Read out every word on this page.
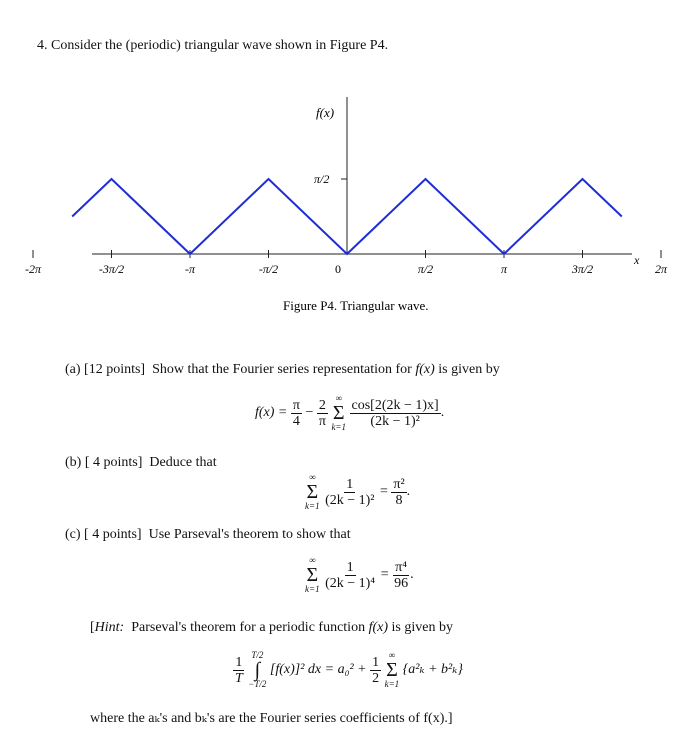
4. Consider the (periodic) triangular wave shown in Figure P4.
-2π	-3π/2	-π	-π/2	π/2	π	3π/2	2π
f(x)
π/2
0
x
Figure P4. Triangular wave.
(a) [12 points] Show that the Fourier series representation for f(x) is given by
$f(x) = \frac{\pi}{4} - \frac{2}{\pi}$
∞
Σ
k=1
$\frac{\cos[2(2k - 1)x]}{\text{(2k − 1)²}}$ .
(b) [ 4 points] Deduce that
∞
Σ
k=1
$\frac{1}{\text{(2k − 1)²}} = \frac{\text{π²}}{8}$ .
(c) [ 4 points] Use Parseval's theorem to show that
∞
Σ
k=1
$\frac{1}{\text{(2k − 1)⁴}} = \frac{\text{π⁴}}{96}$ .
[Hint: Parseval's theorem for a periodic function f(x) is given by
$\frac{1}{T}$
T/2
∫
−T/2
[f(x)]² dx = $a_0^2 + \frac{1}{2}$
∞
Σ
k=1
{a²ₖ + b²ₖ}
where the aₖ's and bₖ's are the Fourier series coefficients of f(x).]
